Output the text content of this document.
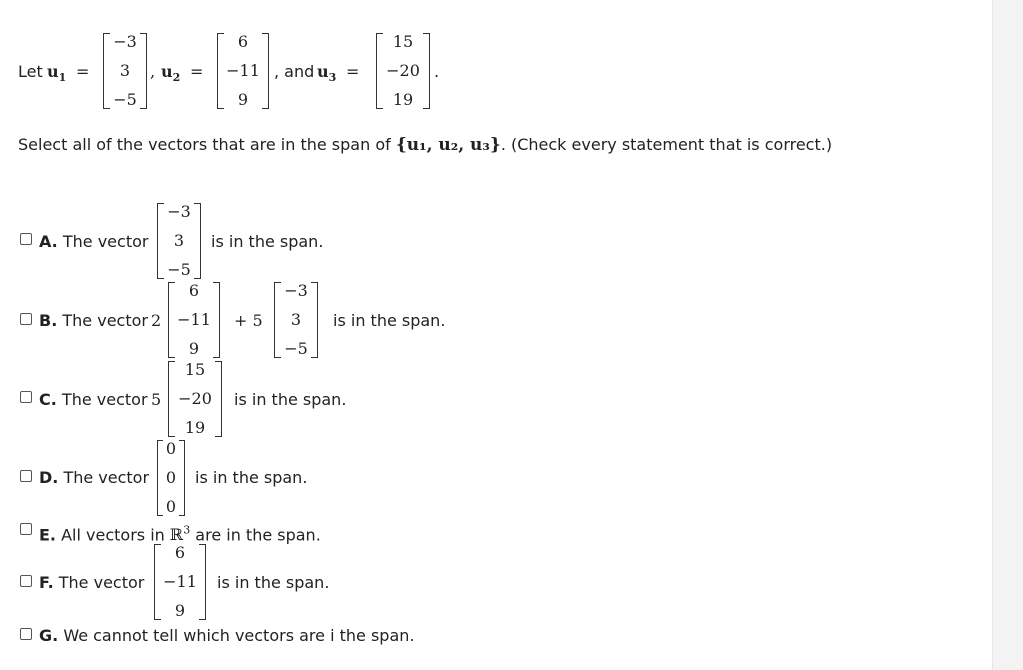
Let $u_1$ =
−3
3
−5
, $u_2$ =
6
−11
9
, and $u_3$ =
15
−20
19
.
Select all of the vectors that are in the span of {u₁, u₂, u₃}. (Check every statement that is correct.)
A. The vector
−3
3
−5
is in the span.
B. The vector 2
6
−11
9
+ 5
−3
3
−5
is in the span.
C. The vector 5
15
−20
19
is in the span.
D. The vector
0
0
0
is in the span.
E. All vectors in ℝ$^3$ are in the span.
F. The vector
6
−11
9
is in the span.
G. We cannot tell which vectors are i the span.
